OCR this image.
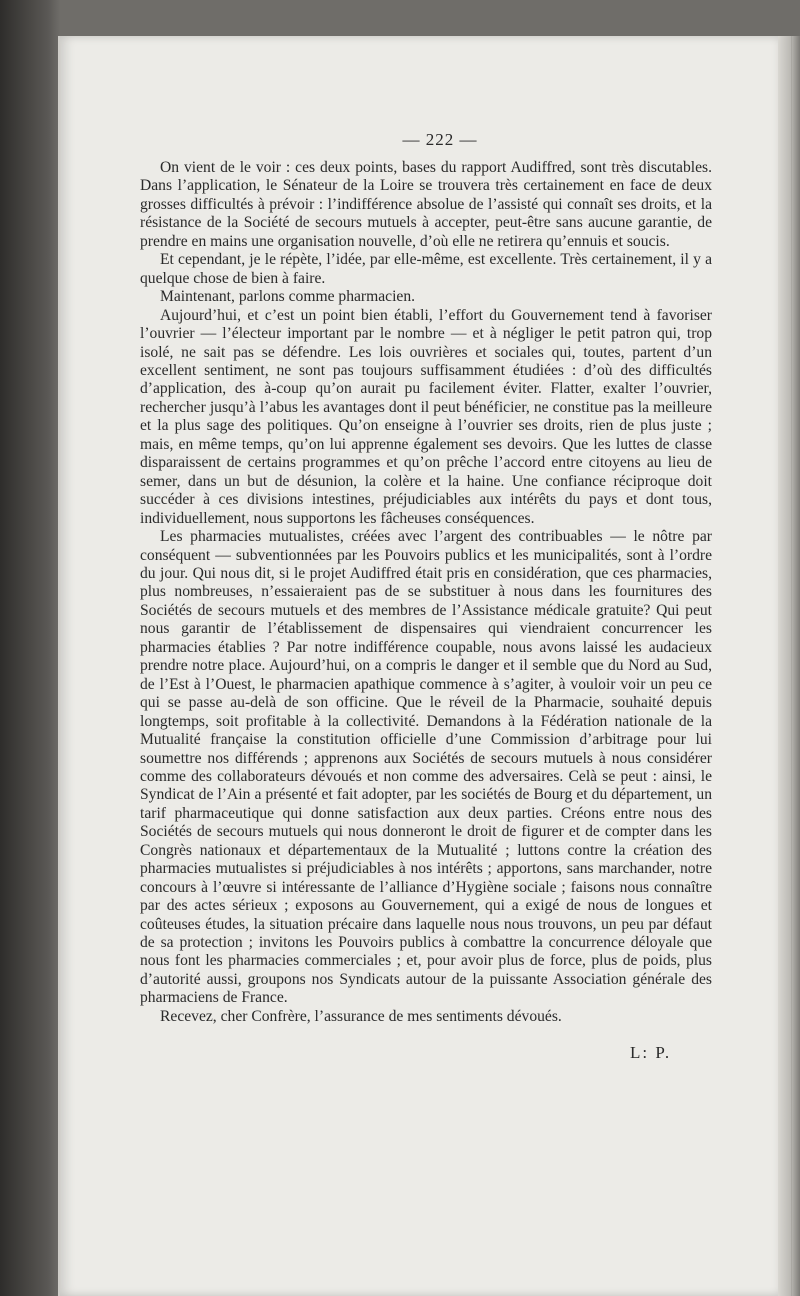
— 222 —

On vient de le voir : ces deux points, bases du rapport Audiffred, sont très discutables. Dans l’application, le Sénateur de la Loire se trouvera très certainement en face de deux grosses difficultés à prévoir : l’indifférence absolue de l’assisté qui connaît ses droits, et la résistance de la Société de secours mutuels à accepter, peut-être sans aucune garantie, de prendre en mains une organisation nouvelle, d’où elle ne retirera qu’ennuis et soucis.

Et cependant, je le répète, l’idée, par elle-même, est excellente. Très certainement, il y a quelque chose de bien à faire.

Maintenant, parlons comme pharmacien.

Aujourd’hui, et c’est un point bien établi, l’effort du Gouvernement tend à favoriser l’ouvrier — l’électeur important par le nombre — et à négliger le petit patron qui, trop isolé, ne sait pas se défendre. Les lois ouvrières et sociales qui, toutes, partent d’un excellent sentiment, ne sont pas toujours suffisamment étudiées : d’où des difficultés d’application, des à-coup qu’on aurait pu facilement éviter. Flatter, exalter l’ouvrier, rechercher jusqu’à l’abus les avantages dont il peut bénéficier, ne constitue pas la meilleure et la plus sage des politiques. Qu’on enseigne à l’ouvrier ses droits, rien de plus juste ; mais, en même temps, qu’on lui apprenne également ses devoirs. Que les luttes de classe disparaissent de certains programmes et qu’on prêche l’accord entre citoyens au lieu de semer, dans un but de désunion, la colère et la haine. Une confiance réciproque doit succéder à ces divisions intestines, préjudiciables aux intérêts du pays et dont tous, individuellement, nous supportons les fâcheuses conséquences.

Les pharmacies mutualistes, créées avec l’argent des contribuables — le nôtre par conséquent — subventionnées par les Pouvoirs publics et les municipalités, sont à l’ordre du jour. Qui nous dit, si le projet Audiffred était pris en considération, que ces pharmacies, plus nombreuses, n’essaieraient pas de se substituer à nous dans les fournitures des Sociétés de secours mutuels et des membres de l’Assistance médicale gratuite? Qui peut nous garantir de l’établissement de dispensaires qui viendraient concurrencer les pharmacies établies ? Par notre indifférence coupable, nous avons laissé les audacieux prendre notre place. Aujourd’hui, on a compris le danger et il semble que du Nord au Sud, de l’Est à l’Ouest, le pharmacien apathique commence à s’agiter, à vouloir voir un peu ce qui se passe au-delà de son officine. Que le réveil de la Pharmacie, souhaité depuis longtemps, soit profitable à la collectivité. Demandons à la Fédération nationale de la Mutualité française la constitution officielle d’une Commission d’arbitrage pour lui soumettre nos différends ; apprenons aux Sociétés de secours mutuels à nous considérer comme des collaborateurs dévoués et non comme des adversaires. Celà se peut : ainsi, le Syndicat de l’Ain a présenté et fait adopter, par les sociétés de Bourg et du département, un tarif pharmaceutique qui donne satisfaction aux deux parties. Créons entre nous des Sociétés de secours mutuels qui nous donneront le droit de figurer et de compter dans les Congrès nationaux et départementaux de la Mutualité ; luttons contre la création des pharmacies mutualistes si préjudiciables à nos intérêts ; apportons, sans marchander, notre concours à l’œuvre si intéressante de l’alliance d’Hygiène sociale ; faisons nous connaître par des actes sérieux ; exposons au Gouvernement, qui a exigé de nous de longues et coûteuses études, la situation précaire dans laquelle nous nous trouvons, un peu par défaut de sa protection ; invitons les Pouvoirs publics à combattre la concurrence déloyale que nous font les pharmacies commerciales ; et, pour avoir plus de force, plus de poids, plus d’autorité aussi, groupons nos Syndicats autour de la puissante Association générale des pharmaciens de France.

Recevez, cher Confrère, l’assurance de mes sentiments dévoués.

L: P.
